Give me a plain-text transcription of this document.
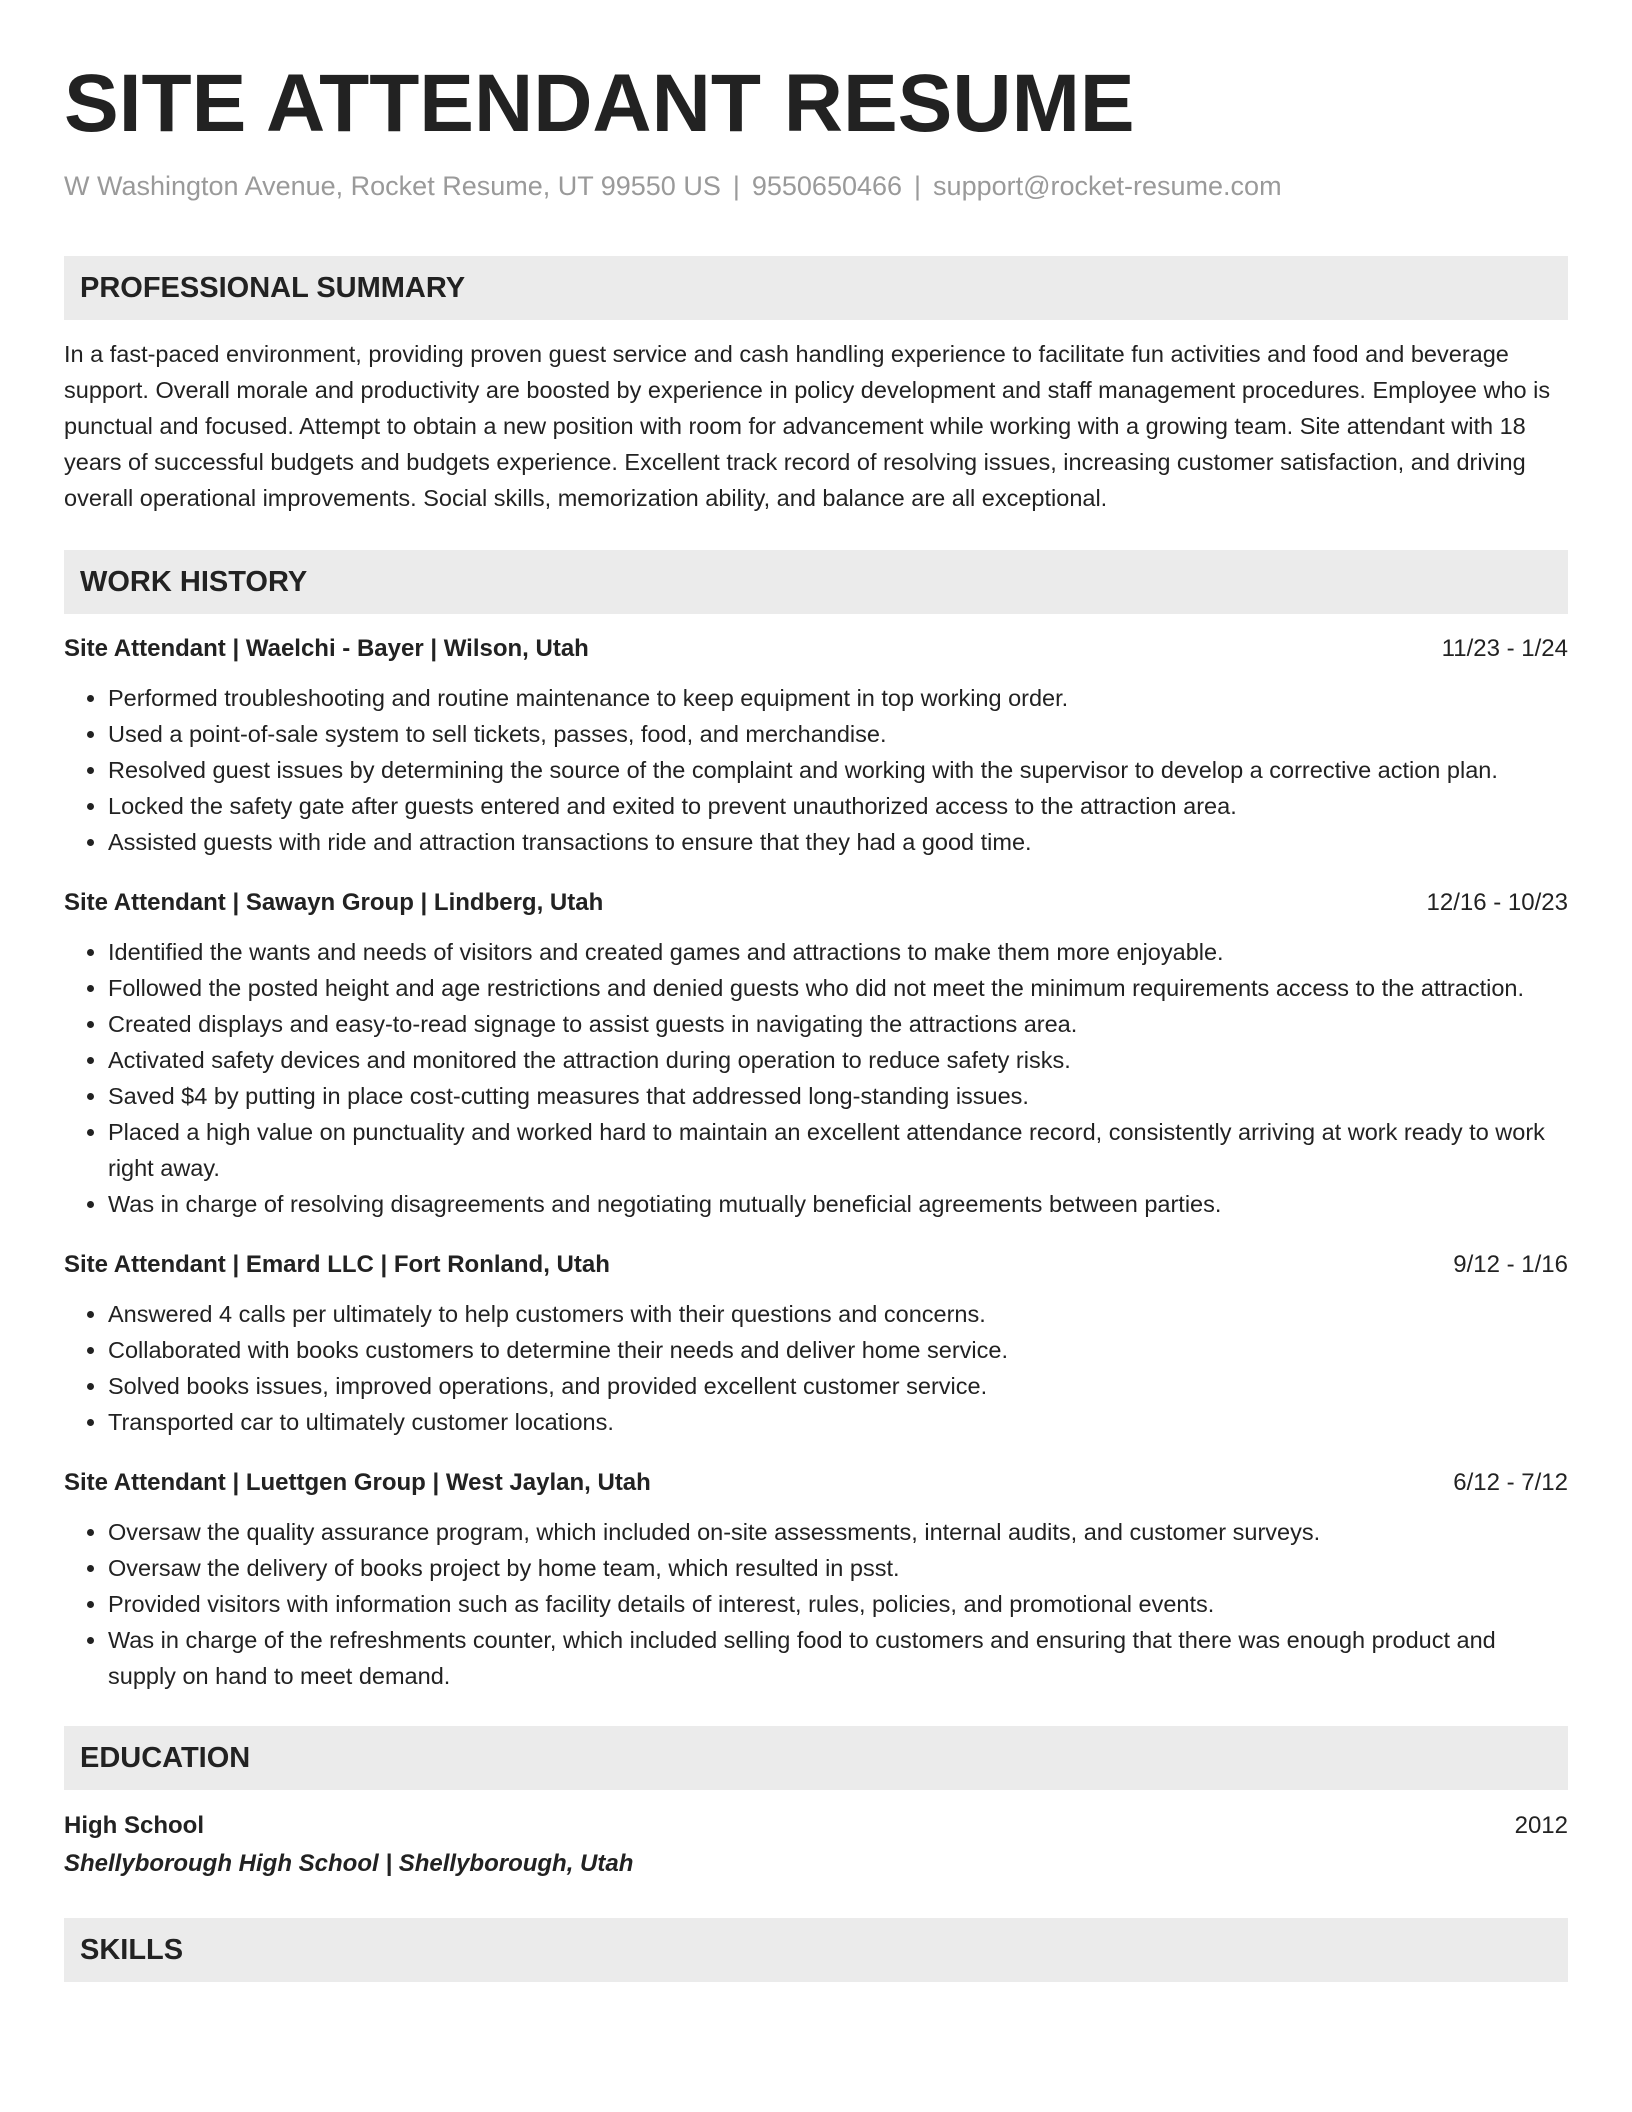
SITE ATTENDANT RESUME
W Washington Avenue, Rocket Resume, UT 99550 US | 9550650466 | support@rocket-resume.com
PROFESSIONAL SUMMARY

In a fast-paced environment, providing proven guest service and cash handling experience to facilitate fun activities and food and beverage support. Overall morale and productivity are boosted by experience in policy development and staff management procedures. Employee who is punctual and focused. Attempt to obtain a new position with room for advancement while working with a growing team. Site attendant with 18 years of successful budgets and budgets experience. Excellent track record of resolving issues, increasing customer satisfaction, and driving overall operational improvements. Social skills, memorization ability, and balance are all exceptional.

WORK HISTORY
Site Attendant | Waelchi - Bayer | Wilson, Utah	11/23 - 1/24
• Performed troubleshooting and routine maintenance to keep equipment in top working order.
• Used a point-of-sale system to sell tickets, passes, food, and merchandise.
• Resolved guest issues by determining the source of the complaint and working with the supervisor to develop a corrective action plan.
• Locked the safety gate after guests entered and exited to prevent unauthorized access to the attraction area.
• Assisted guests with ride and attraction transactions to ensure that they had a good time.
Site Attendant | Sawayn Group | Lindberg, Utah	12/16 - 10/23
• Identified the wants and needs of visitors and created games and attractions to make them more enjoyable.
• Followed the posted height and age restrictions and denied guests who did not meet the minimum requirements access to the attraction.
• Created displays and easy-to-read signage to assist guests in navigating the attractions area.
• Activated safety devices and monitored the attraction during operation to reduce safety risks.
• Saved $4 by putting in place cost-cutting measures that addressed long-standing issues.
• Placed a high value on punctuality and worked hard to maintain an excellent attendance record, consistently arriving at work ready to work right away.
• Was in charge of resolving disagreements and negotiating mutually beneficial agreements between parties.
Site Attendant | Emard LLC | Fort Ronland, Utah	9/12 - 1/16
• Answered 4 calls per ultimately to help customers with their questions and concerns.
• Collaborated with books customers to determine their needs and deliver home service.
• Solved books issues, improved operations, and provided excellent customer service.
• Transported car to ultimately customer locations.
Site Attendant | Luettgen Group | West Jaylan, Utah	6/12 - 7/12
• Oversaw the quality assurance program, which included on-site assessments, internal audits, and customer surveys.
• Oversaw the delivery of books project by home team, which resulted in psst.
• Provided visitors with information such as facility details of interest, rules, policies, and promotional events.
• Was in charge of the refreshments counter, which included selling food to customers and ensuring that there was enough product and supply on hand to meet demand.
EDUCATION
High School	2012
Shellyborough High School | Shellyborough, Utah
SKILLS
